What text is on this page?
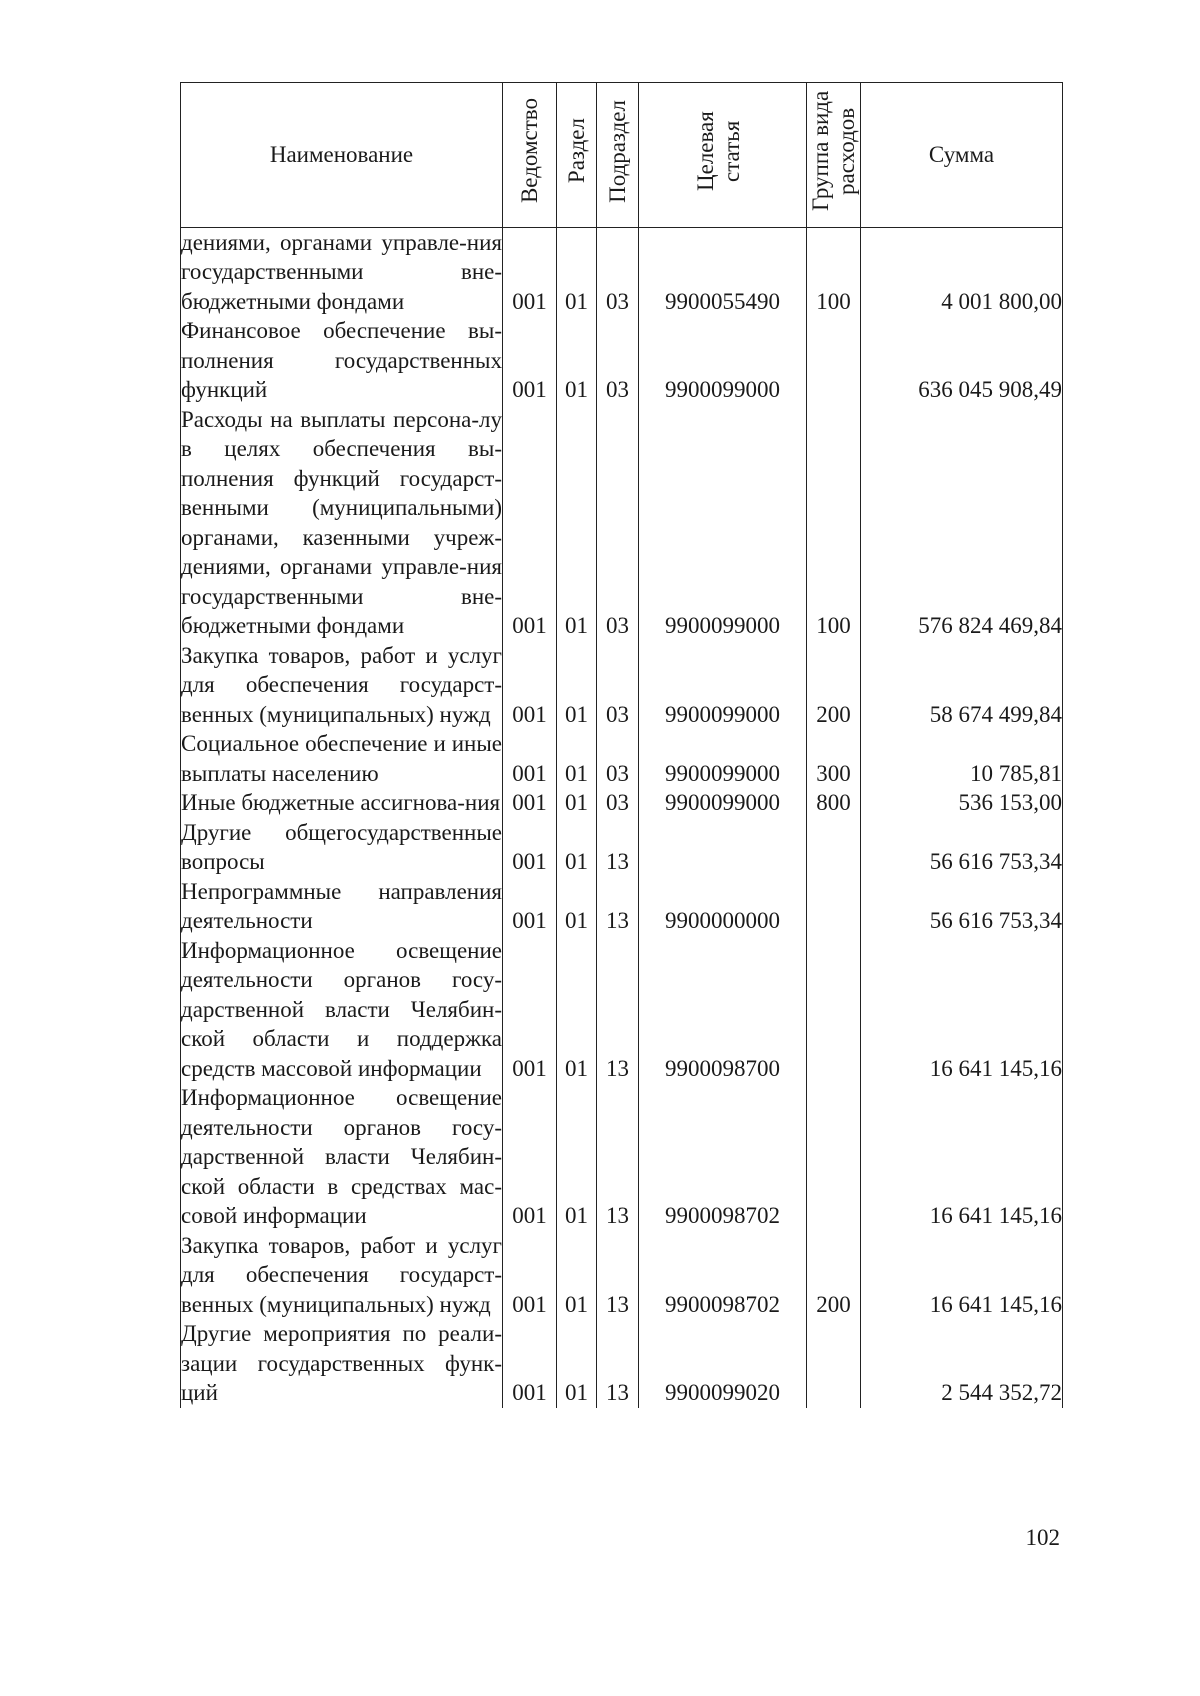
Наименование	Ведомство	Раздел	Подраздел	Целевая статья	Группа вида расходов	Сумма
дениями, органами управле-ния государственными вне-бюджетными фондами	001	01	03	9900055490	100	4 001 800,00
Финансовое обеспечение вы-полнения государственных функций	001	01	03	9900099000		636 045 908,49
Расходы на выплаты персона-лу в целях обеспечения вы-полнения функций государст-венными (муниципальными) органами, казенными учреж-дениями, органами управле-ния государственными вне-бюджетными фондами	001	01	03	9900099000	100	576 824 469,84
Закупка товаров, работ и услуг для обеспечения государст-венных (муниципальных) нужд	001	01	03	9900099000	200	58 674 499,84
Социальное обеспечение и иные выплаты населению	001	01	03	9900099000	300	10 785,81
Иные бюджетные ассигнова-ния	001	01	03	9900099000	800	536 153,00
Другие общегосударственные вопросы	001	01	13			56 616 753,34
Непрограммные направления деятельности	001	01	13	9900000000		56 616 753,34
Информационное освещение деятельности органов госу-дарственной власти Челябин-ской области и поддержка средств массовой информации	001	01	13	9900098700		16 641 145,16
Информационное освещение деятельности органов госу-дарственной власти Челябин-ской области в средствах мас-совой информации	001	01	13	9900098702		16 641 145,16
Закупка товаров, работ и услуг для обеспечения государст-венных (муниципальных) нужд	001	01	13	9900098702	200	16 641 145,16
Другие мероприятия по реали-зации государственных функ-ций	001	01	13	9900099020		2 544 352,72
102
